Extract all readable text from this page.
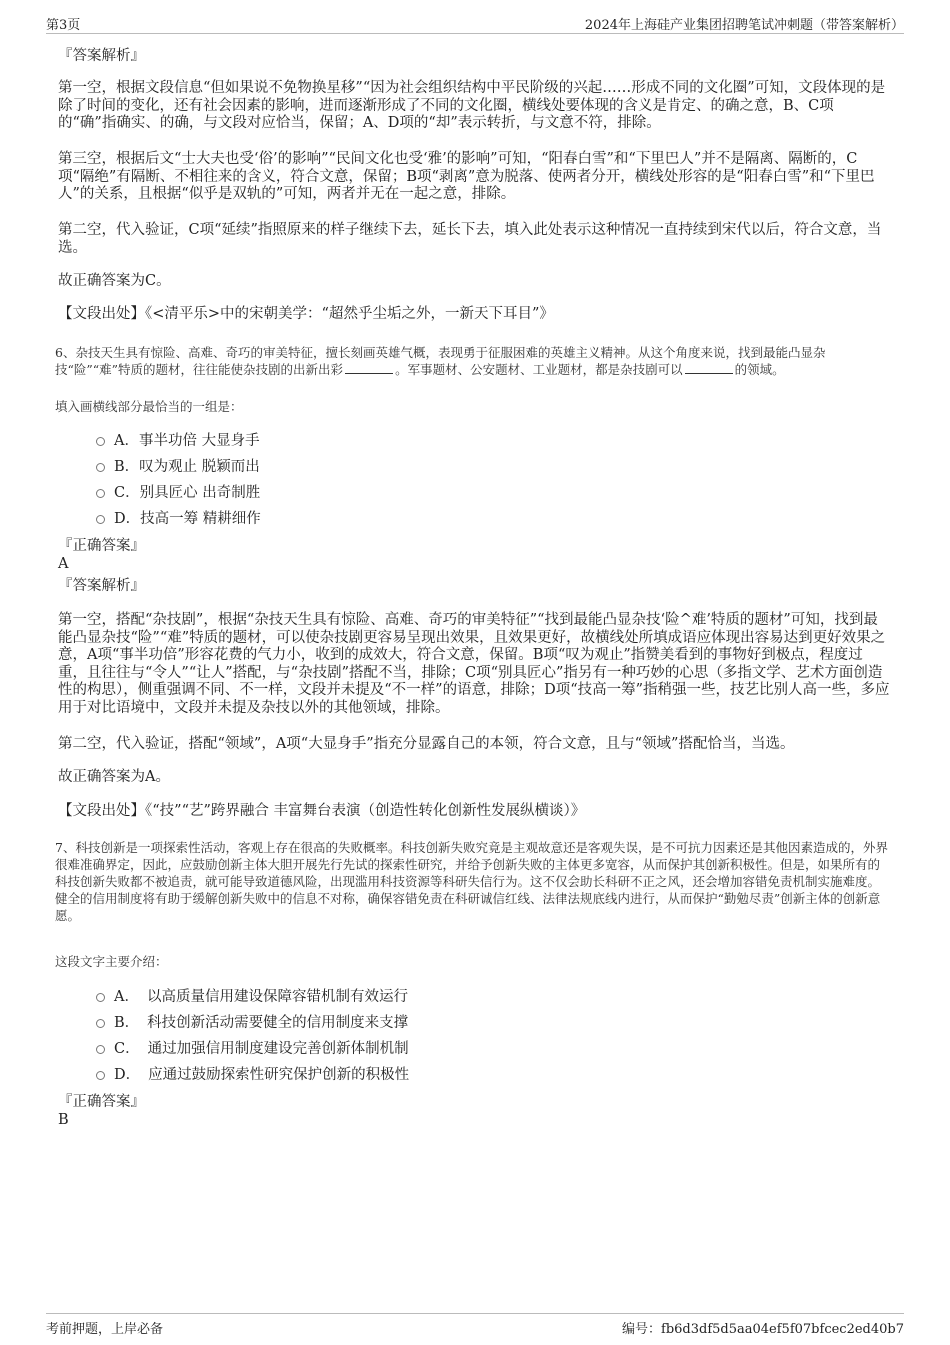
第3页	2024年上海硅产业集团招聘笔试冲刺题（带答案解析）
『答案解析』
第一空，根据文段信息“但如果说不免物换星移”“因为社会组织结构中平民阶级的兴起……形成不同的文化圈”可知，文段体现的是除了时间的变化，还有社会因素的影响，进而逐渐形成了不同的文化圈，横线处要体现的含义是肯定、的确之意，B、C项的“确”指确实、的确，与文段对应恰当，保留；A、D项的“却”表示转折，与文意不符，排除。
第三空，根据后文“士大夫也受‘俗’的影响”“民间文化也受‘雅’的影响”可知，“阳春白雪”和“下里巴人”并不是隔离、隔断的，C项“隔绝”有隔断、不相往来的含义，符合文意，保留；B项“剥离”意为脱落、使两者分开，横线处形容的是“阳春白雪”和“下里巴人”的关系，且根据“似乎是双轨的”可知，两者并无在一起之意，排除。
第二空，代入验证，C项“延续”指照原来的样子继续下去，延长下去，填入此处表示这种情况一直持续到宋代以后，符合文意，当选。
故正确答案为C。
【文段出处】《<清平乐>中的宋朝美学：“超然乎尘垢之外，一新天下耳目”》
6、杂技天生具有惊险、高难、奇巧的审美特征，擅长刻画英雄气概，表现勇于征服困难的英雄主义精神。从这个角度来说，找到最能凸显杂技“险”“难”特质的题材，往往能使杂技剧的出新出彩	。军事题材、公安题材、工业题材，都是杂技剧可以	的领域。
填入画横线部分最恰当的一组是：
A．事半功倍 大显身手
B．叹为观止 脱颖而出
C．别具匠心 出奇制胜
D．技高一筹 精耕细作
『正确答案』
A
『答案解析』
第一空，搭配“杂技剧”，根据“杂技天生具有惊险、高难、奇巧的审美特征”“找到最能凸显杂技‘险^难’特质的题材”可知，找到最能凸显杂技“险”“难”特质的题材，可以使杂技剧更容易呈现出效果，且效果更好，故横线处所填成语应体现出容易达到更好效果之意，A项“事半功倍”形容花费的气力小，收到的成效大，符合文意，保留。B项“叹为观止”指赞美看到的事物好到极点，程度过重，且往往与“令人”“让人”搭配，与“杂技剧”搭配不当，排除；C项“别具匠心”指另有一种巧妙的心思（多指文学、艺术方面创造性的构思），侧重强调不同、不一样，文段并未提及“不一样”的语意，排除；D项“技高一筹”指稍强一些，技艺比别人高一些，多应用于对比语境中，文段并未提及杂技以外的其他领域，排除。
第二空，代入验证，搭配“领域”，A项“大显身手”指充分显露自己的本领，符合文意，且与“领域”搭配恰当，当选。
故正确答案为A。
【文段出处】《“技”“艺”跨界融合 丰富舞台表演（创造性转化创新性发展纵横谈）》
7、科技创新是一项探索性活动，客观上存在很高的失败概率。科技创新失败究竟是主观故意还是客观失误，是不可抗力因素还是其他因素造成的，外界很难准确界定，因此，应鼓励创新主体大胆开展先行先试的探索性研究，并给予创新失败的主体更多宽容，从而保护其创新积极性。但是，如果所有的科技创新失败都不被追责，就可能导致道德风险，出现滥用科技资源等科研失信行为。这不仅会助长科研不正之风，还会增加容错免责机制实施难度。健全的信用制度将有助于缓解创新失败中的信息不对称，确保容错免责在科研诚信红线、法律法规底线内进行，从而保护“勤勉尽责”创新主体的创新意愿。
这段文字主要介绍：
A． 以高质量信用建设保障容错机制有效运行
B． 科技创新活动需要健全的信用制度来支撑
C． 通过加强信用制度建设完善创新体制机制
D． 应通过鼓励探索性研究保护创新的积极性
『正确答案』
B
考前押题，上岸必备	编号：fb6d3df5d5aa04ef5f07bfcec2ed40b7
